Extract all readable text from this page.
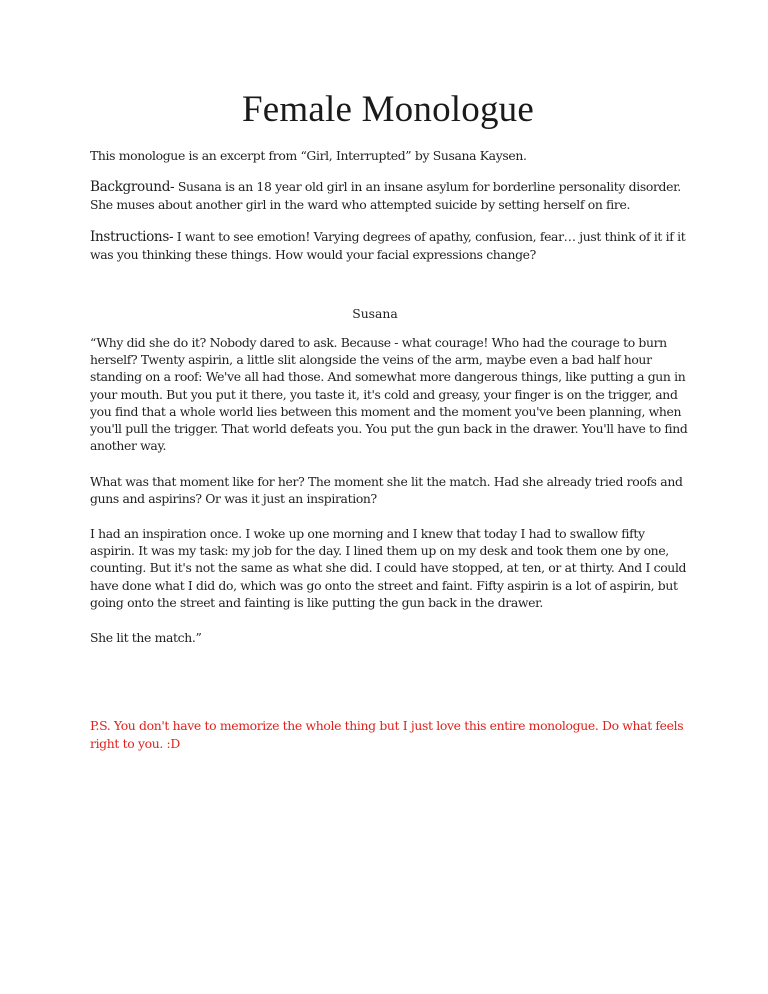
Female Monologue

This monologue is an excerpt from “Girl, Interrupted” by Susana Kaysen.

Background- Susana is an 18 year old girl in an insane asylum for borderline personality disorder. She muses about another girl in the ward who attempted suicide by setting herself on fire.

Instructions- I want to see emotion! Varying degrees of apathy, confusion, fear… just think of it if it was you thinking these things. How would your facial expressions change?

Susana

“Why did she do it? Nobody dared to ask. Because - what courage! Who had the courage to burn herself? Twenty aspirin, a little slit alongside the veins of the arm, maybe even a bad half hour standing on a roof: We've all had those. And somewhat more dangerous things, like putting a gun in your mouth. But you put it there, you taste it, it's cold and greasy, your finger is on the trigger, and you find that a whole world lies between this moment and the moment you've been planning, when you'll pull the trigger. That world defeats you. You put the gun back in the drawer. You'll have to find another way.

What was that moment like for her? The moment she lit the match. Had she already tried roofs and guns and aspirins? Or was it just an inspiration?

I had an inspiration once. I woke up one morning and I knew that today I had to swallow fifty aspirin. It was my task: my job for the day. I lined them up on my desk and took them one by one, counting. But it's not the same as what she did. I could have stopped, at ten, or at thirty. And I could have done what I did do, which was go onto the street and faint. Fifty aspirin is a lot of aspirin, but going onto the street and fainting is like putting the gun back in the drawer.

She lit the match.”

P.S. You don't have to memorize the whole thing but I just love this entire monologue. Do what feels right to you. :D
